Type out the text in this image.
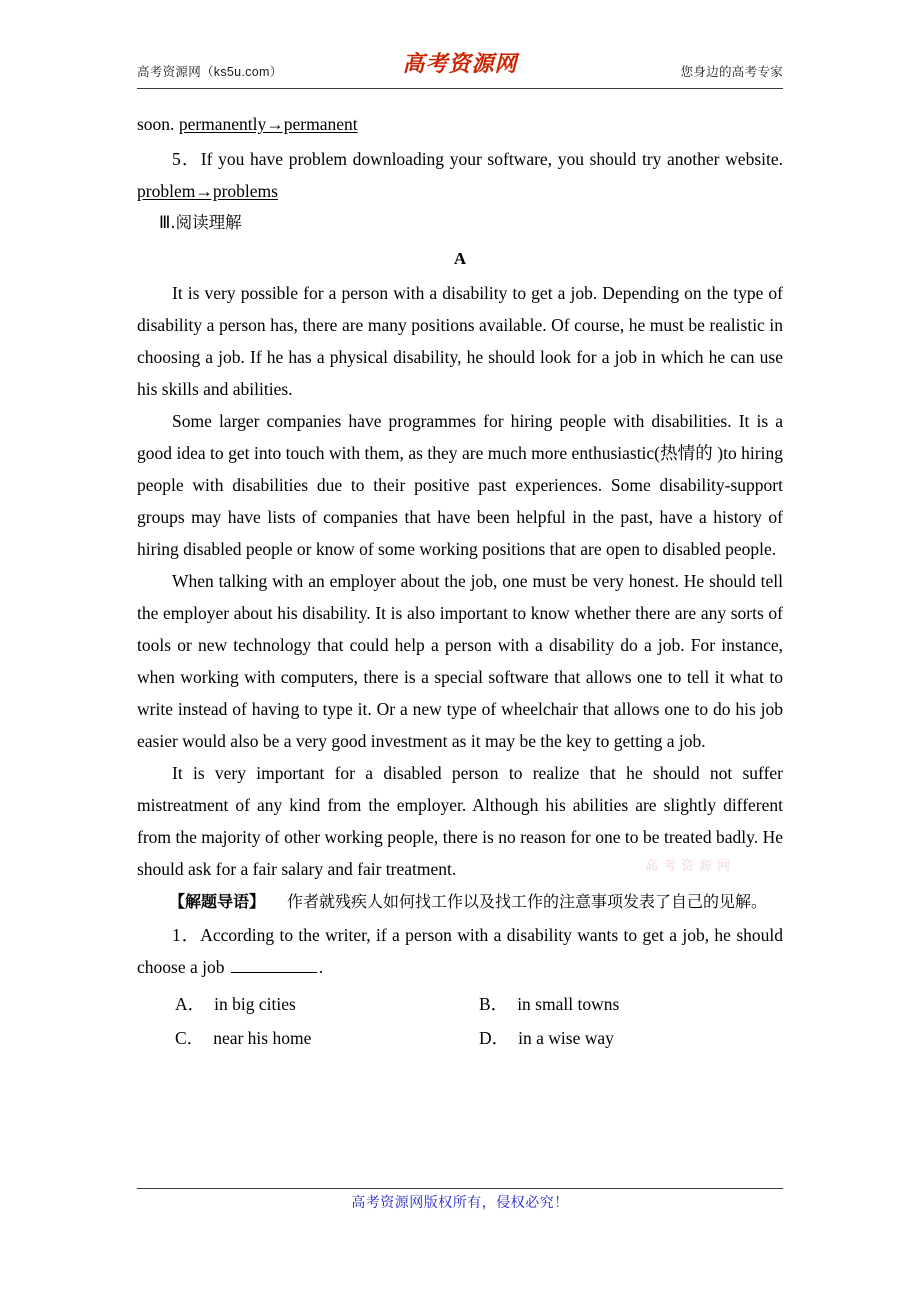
高考资源网（ks5u.com）	高考资源网	您身边的高考专家

soon. permanently→permanent

5．If you have problem downloading your software, you should try another website. problem→problems

Ⅲ.阅读理解

A

It is very possible for a person with a disability to get a job. Depending on the type of disability a person has, there are many positions available. Of course, he must be realistic in choosing a job. If he has a physical disability, he should look for a job in which he can use his skills and abilities.

Some larger companies have programmes for hiring people with disabilities. It is a good idea to get into touch with them, as they are much more enthusiastic(热情的 )to hiring people with disabilities due to their positive past experiences. Some disability-support groups may have lists of companies that have been helpful in the past, have a history of hiring disabled people or know of some working positions that are open to disabled people.

When talking with an employer about the job, one must be very honest. He should tell the employer about his disability. It is also important to know whether there are any sorts of tools or new technology that could help a person with a disability do a job. For instance, when working with computers, there is a special software that allows one to tell it what to write instead of having to type it. Or a new type of wheelchair that allows one to do his job easier would also be a very good investment as it may be the key to getting a job.

It is very important for a disabled person to realize that he should not suffer mistreatment of any kind from the employer. Although his abilities are slightly different from the majority of other working people, there is no reason for one to be treated badly. He should ask for a fair salary and fair treatment.

【解题导语】 作者就残疾人如何找工作以及找工作的注意事项发表了自己的见解。

1．According to the writer, if a person with a disability wants to get a job, he should choose a job	.

A． in big cities	B． in small towns
C． near his home	D． in a wise way
高考资源网
高考资源网版权所有，侵权必究！
